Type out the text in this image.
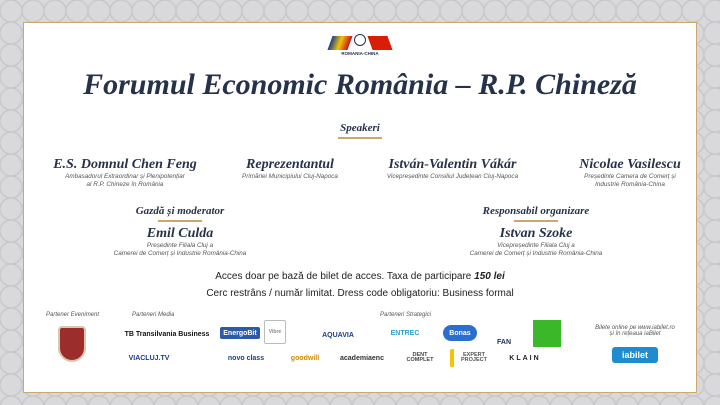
ROMANIA-CHINA
Forumul Economic România – R.P. Chineză
Speakeri
E.S. Domnul Chen Feng
Ambasadorul Extraordinar și Plenipotențiar
al R.P. Chineze în România
Reprezentantul
Primăriei Municipiului Cluj-Napoca
István-Valentin Vákár
Vicepreședinte Consiliul Județean Cluj-Napoca
Nicolae Vasilescu
Președinte Camera de Comerț și
Industrie România-China
Gazdă și moderator
Emil Culda
Președinte Filiala Cluj a
Camerei de Comerț și Industrie România-China
Responsabil organizare
Istvan Szoke
Vicepreședinte Filiala Cluj a
Camerei de Comerț și Industrie România-China
Acces doar pe bază de bilet de acces. Taxa de participare 150 lei
Cerc restrâns / număr limitat. Dress code obligatoriu: Business formal
Partener Eveniment	Parteneri Media	Parteneri Strategici
TB Transilvania Business
VIACLUJ.TV
EnergoBit	Vibre	AQUAVIA	ENTREC	Bonas
FAN
novo class	goodwill	academiaenc	DENT COMPLET
EXPERT PROJECT	KLAIN
Bilete online pe www.iabilet.ro
și în rețeaua iaBilet
iabilet
